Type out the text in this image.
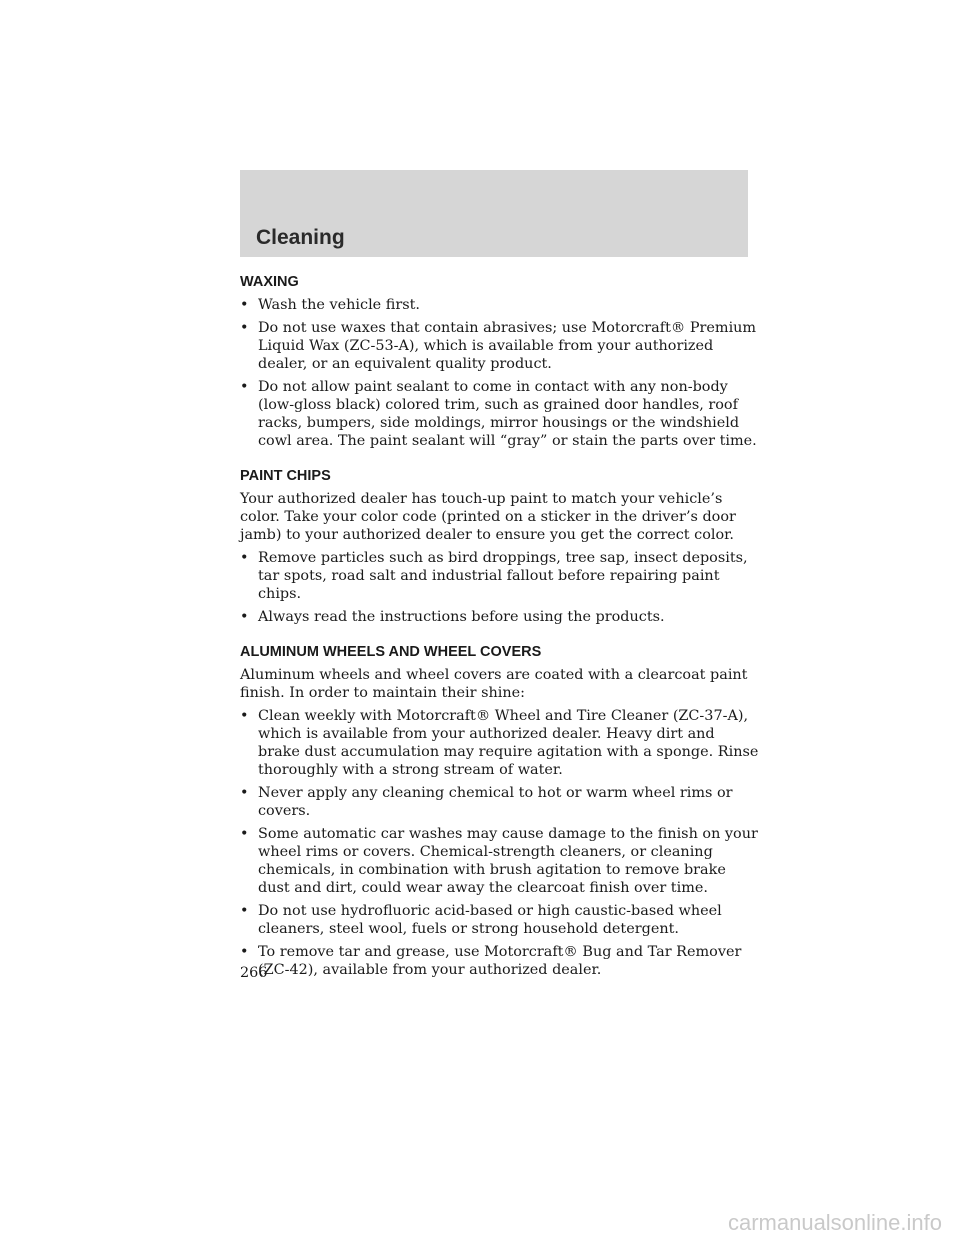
Cleaning
WAXING
• Wash the vehicle first.
• Do not use waxes that contain abrasives; use Motorcraft® Premium Liquid Wax (ZC-53-A), which is available from your authorized dealer, or an equivalent quality product.
• Do not allow paint sealant to come in contact with any non-body (low-gloss black) colored trim, such as grained door handles, roof racks, bumpers, side moldings, mirror housings or the windshield cowl area. The paint sealant will “gray” or stain the parts over time.
PAINT CHIPS

Your authorized dealer has touch-up paint to match your vehicle’s color. Take your color code (printed on a sticker in the driver’s door jamb) to your authorized dealer to ensure you get the correct color.

• Remove particles such as bird droppings, tree sap, insect deposits, tar spots, road salt and industrial fallout before repairing paint chips.
• Always read the instructions before using the products.
ALUMINUM WHEELS AND WHEEL COVERS

Aluminum wheels and wheel covers are coated with a clearcoat paint finish. In order to maintain their shine:

• Clean weekly with Motorcraft® Wheel and Tire Cleaner (ZC-37-A), which is available from your authorized dealer. Heavy dirt and brake dust accumulation may require agitation with a sponge. Rinse thoroughly with a strong stream of water.
• Never apply any cleaning chemical to hot or warm wheel rims or covers.
• Some automatic car washes may cause damage to the finish on your wheel rims or covers. Chemical-strength cleaners, or cleaning chemicals, in combination with brush agitation to remove brake dust and dirt, could wear away the clearcoat finish over time.
• Do not use hydrofluoric acid-based or high caustic-based wheel cleaners, steel wool, fuels or strong household detergent.
• To remove tar and grease, use Motorcraft® Bug and Tar Remover (ZC-42), available from your authorized dealer.
266
carmanualsonline.info
